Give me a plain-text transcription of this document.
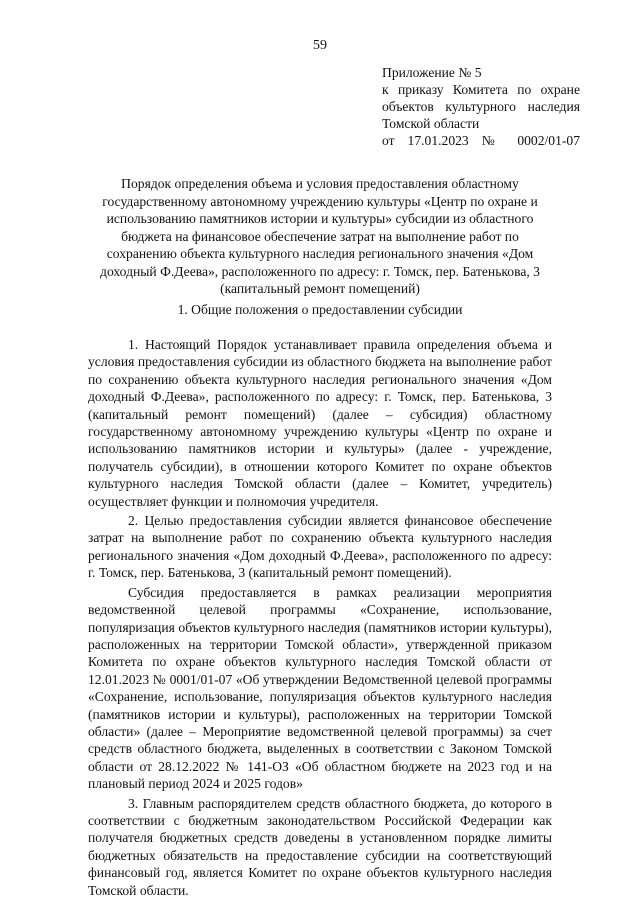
59
Приложение № 5
к приказу Комитета по охране
объектов культурного наследия
Томской области
от 17.01.2023 № 0002/01-07
Порядок определения объема и условия предоставления областному государственному автономному учреждению культуры «Центр по охране и использованию памятников истории и культуры» субсидии из областного бюджета на финансовое обеспечение затрат на выполнение работ по сохранению объекта культурного наследия регионального значения «Дом доходный Ф.Деева», расположенного по адресу: г. Томск, пер. Батенькова, 3 (капитальный ремонт помещений)
1. Общие положения о предоставлении субсидии

1. Настоящий Порядок устанавливает правила определения объема и условия предоставления субсидии из областного бюджета на выполнение работ по сохранению объекта культурного наследия регионального значения «Дом доходный Ф.Деева», расположенного по адресу: г. Томск, пер. Батенькова, 3 (капитальный ремонт помещений) (далее – субсидия) областному государственному автономному учреждению культуры «Центр по охране и использованию памятников истории и культуры» (далее - учреждение, получатель субсидии), в отношении которого Комитет по охране объектов культурного наследия Томской области (далее – Комитет, учредитель) осуществляет функции и полномочия учредителя.

2. Целью предоставления субсидии является финансовое обеспечение затрат на выполнение работ по сохранению объекта культурного наследия регионального значения «Дом доходный Ф.Деева», расположенного по адресу: г. Томск, пер. Батенькова, 3 (капитальный ремонт помещений).

Субсидия предоставляется в рамках реализации мероприятия ведомственной целевой программы «Сохранение, использование, популяризация объектов культурного наследия (памятников истории культуры), расположенных на территории Томской области», утвержденной приказом Комитета по охране объектов культурного наследия Томской области от 12.01.2023 № 0001/01-07 «Об утверждении Ведомственной целевой программы «Сохранение, использование, популяризация объектов культурного наследия (памятников истории и культуры), расположенных на территории Томской области» (далее – Мероприятие ведомственной целевой программы) за счет средств областного бюджета, выделенных в соответствии с Законом Томской области от 28.12.2022 № 141-ОЗ «Об областном бюджете на 2023 год и на плановый период 2024 и 2025 годов»

3. Главным распорядителем средств областного бюджета, до которого в соответствии с бюджетным законодательством Российской Федерации как получателя бюджетных средств доведены в установленном порядке лимиты бюджетных обязательств на предоставление субсидии на соответствующий финансовый год, является Комитет по охране объектов культурного наследия Томской области.
